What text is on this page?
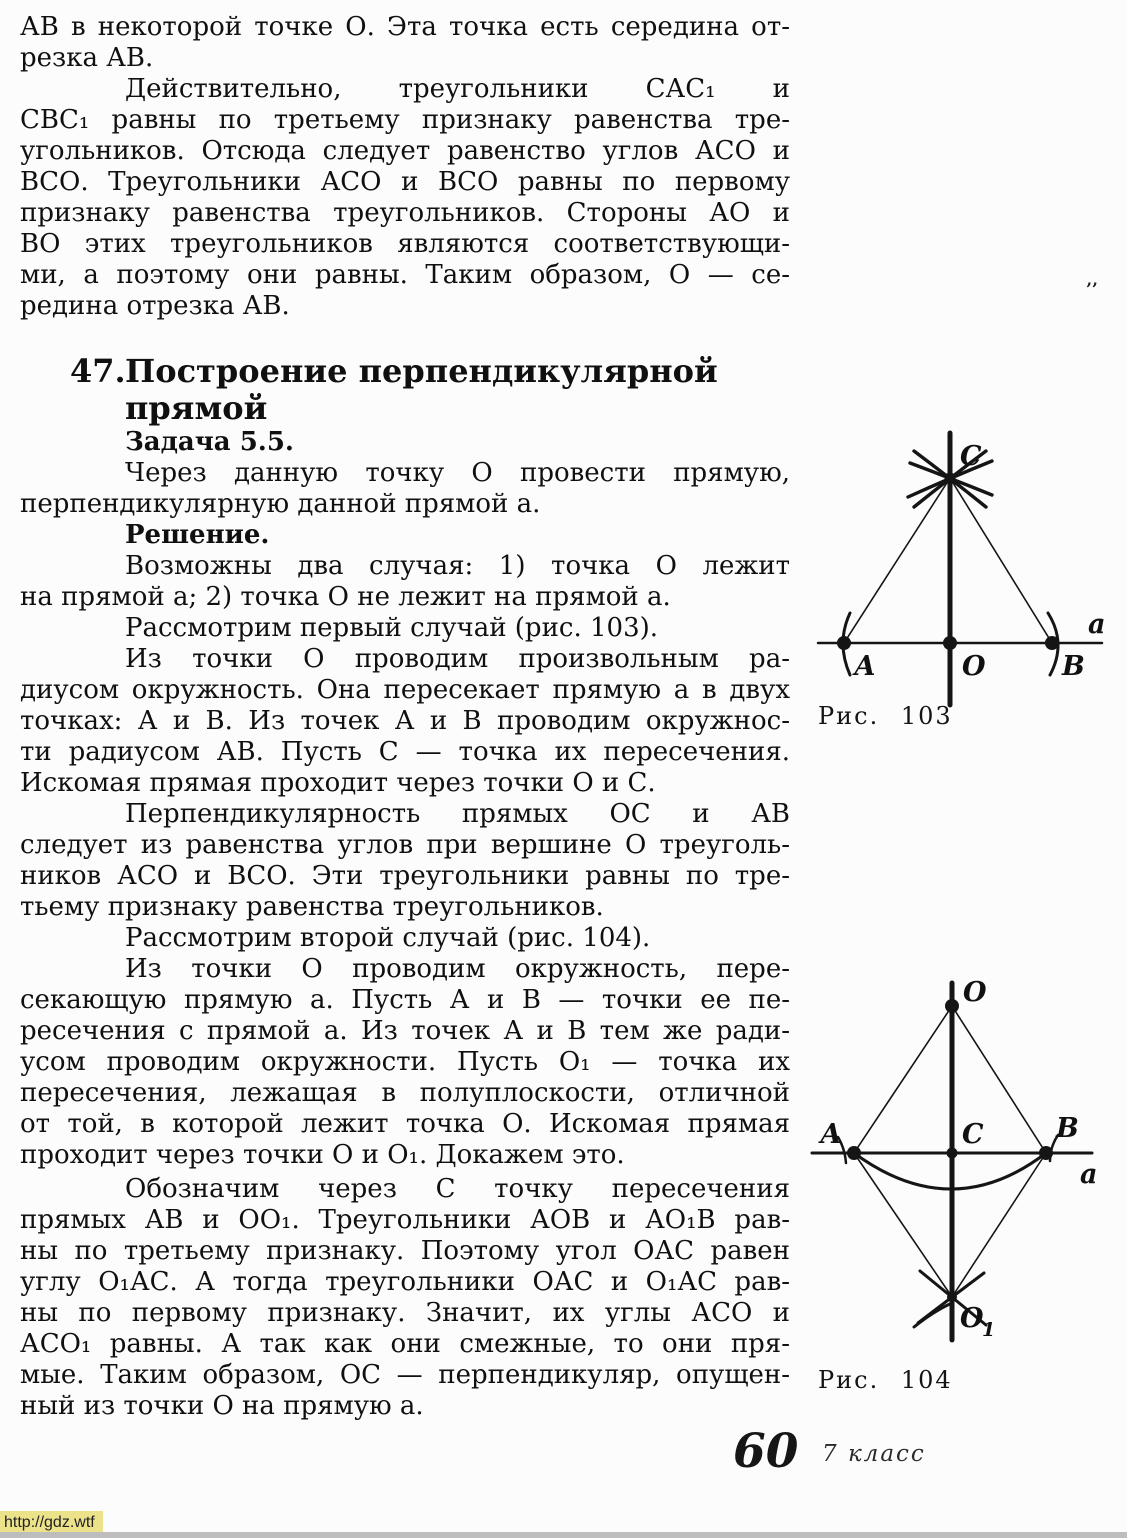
АВ в некоторой точке О. Эта точка есть середина от-
резка АВ.
Действительно, треугольники САС₁ и
СВС₁ равны по третьему признаку равенства тре-
угольников. Отсюда следует равенство углов АСО и
ВСО. Треугольники АСО и ВСО равны по первому
признаку равенства треугольников. Стороны АО и
ВО этих треугольников являются соответствующи-
ми, а поэтому они равны. Таким образом, О — се-
редина отрезка АВ.
47. Построение перпендикулярной
прямой
Задача 5.5.
Через данную точку О провести прямую,
перпендикулярную данной прямой а.
Решение.
Возможны два случая: 1) точка О лежит
на прямой а; 2) точка О не лежит на прямой а.
Рассмотрим первый случай (рис. 103).
Из точки О проводим произвольным ра-
диусом окружность. Она пересекает прямую а в двух
точках: А и В. Из точек А и В проводим окружнос-
ти радиусом АВ. Пусть С — точка их пересечения.
Искомая прямая проходит через точки О и С.
Перпендикулярность прямых ОС и АВ
следует из равенства углов при вершине О треуголь-
ников АСО и ВСО. Эти треугольники равны по тре-
тьему признаку равенства треугольников.
Рассмотрим второй случай (рис. 104).
Из точки О проводим окружность, пере-
секающую прямую а. Пусть А и В — точки ее пе-
ресечения с прямой а. Из точек А и В тем же ради-
усом проводим окружности. Пусть О₁ — точка их
пересечения, лежащая в полуплоскости, отличной
от той, в которой лежит точка О. Искомая прямая
проходит через точки О и О₁. Докажем это.
Обозначим через С точку пересечения
прямых АВ и ОО₁. Треугольники АОВ и АО₁В рав-
ны по третьему признаку. Поэтому угол ОАС равен
углу О₁АС. А тогда треугольники ОАС и О₁АС рав-
ны по первому признаку. Значит, их углы АСО и
АСО₁ равны. А так как они смежные, то они пря-
мые. Таким образом, ОС — перпендикуляр, опущен-
ный из точки О на прямую а.
С
А	О	В
а
Рис. 103
О
А	С	В
а
О
1
Рис. 104
60 7 класс
’’
http://gdz.wtf
